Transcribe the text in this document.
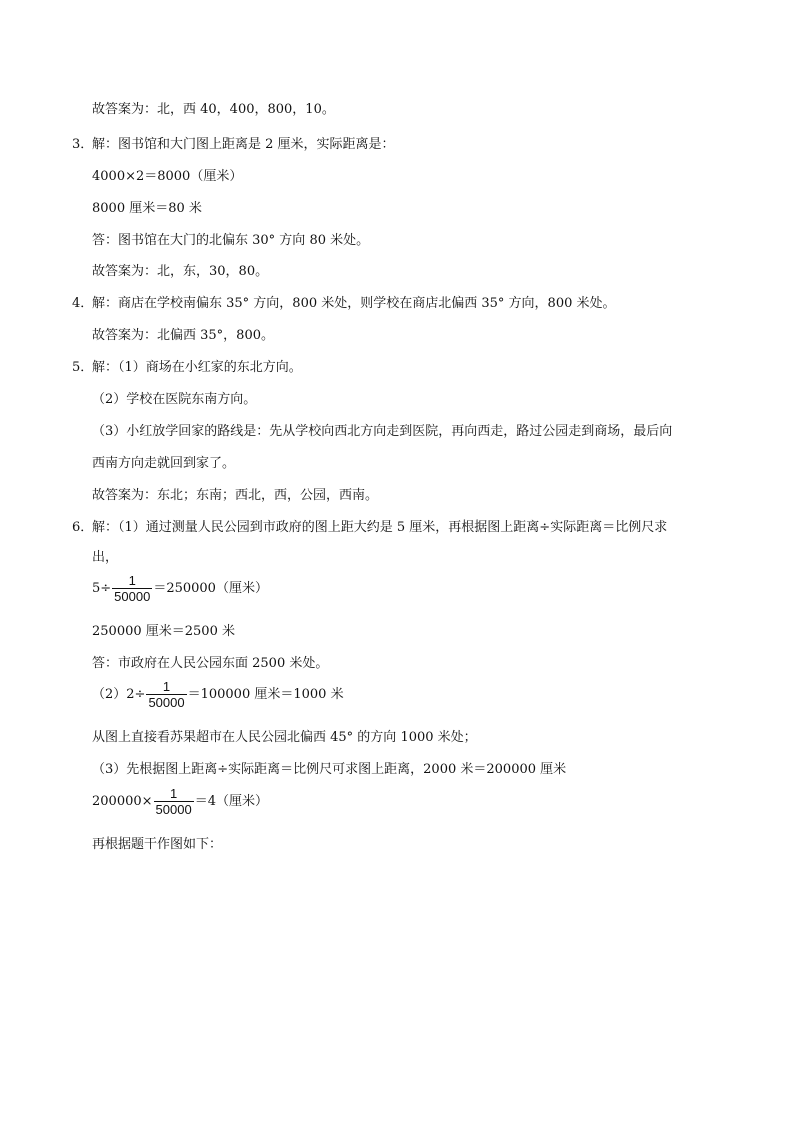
故答案为：北，西 40，400，800，10。
3．
解：图书馆和大门图上距离是 2 厘米，实际距离是：
4000×2＝8000（厘米）
8000 厘米＝80 米
答：图书馆在大门的北偏东 30° 方向 80 米处。
故答案为：北，东，30，80。
4．
解：商店在学校南偏东 35° 方向，800 米处，则学校在商店北偏西 35° 方向，800 米处。
故答案为：北偏西 35°，800。
5．
解：（1）商场在小红家的东北方向。
（2）学校在医院东南方向。
（3）小红放学回家的路线是：先从学校向西北方向走到医院，再向西走，路过公园走到商场，最后向
西南方向走就回到家了。
故答案为：东北；东南；西北，西，公园，西南。
6．
解：（1）通过测量人民公园到市政府的图上距大约是 5 厘米，再根据图上距离÷实际距离＝比例尺求
出，
$5\div \frac{1}{50000} =250000$（厘米）
250000 厘米＝2500 米
答：市政府在人民公园东面 2500 米处。
$(2)2\div \frac{1}{50000} =100000$ 厘米＝1000 米
从图上直接看苏果超市在人民公园北偏西 45° 的方向 1000 米处；
（3）先根据图上距离÷实际距离＝比例尺可求图上距离，2000 米＝200000 厘米
$200000\times \frac{1}{50000} =4$（厘米）
再根据题干作图如下：
